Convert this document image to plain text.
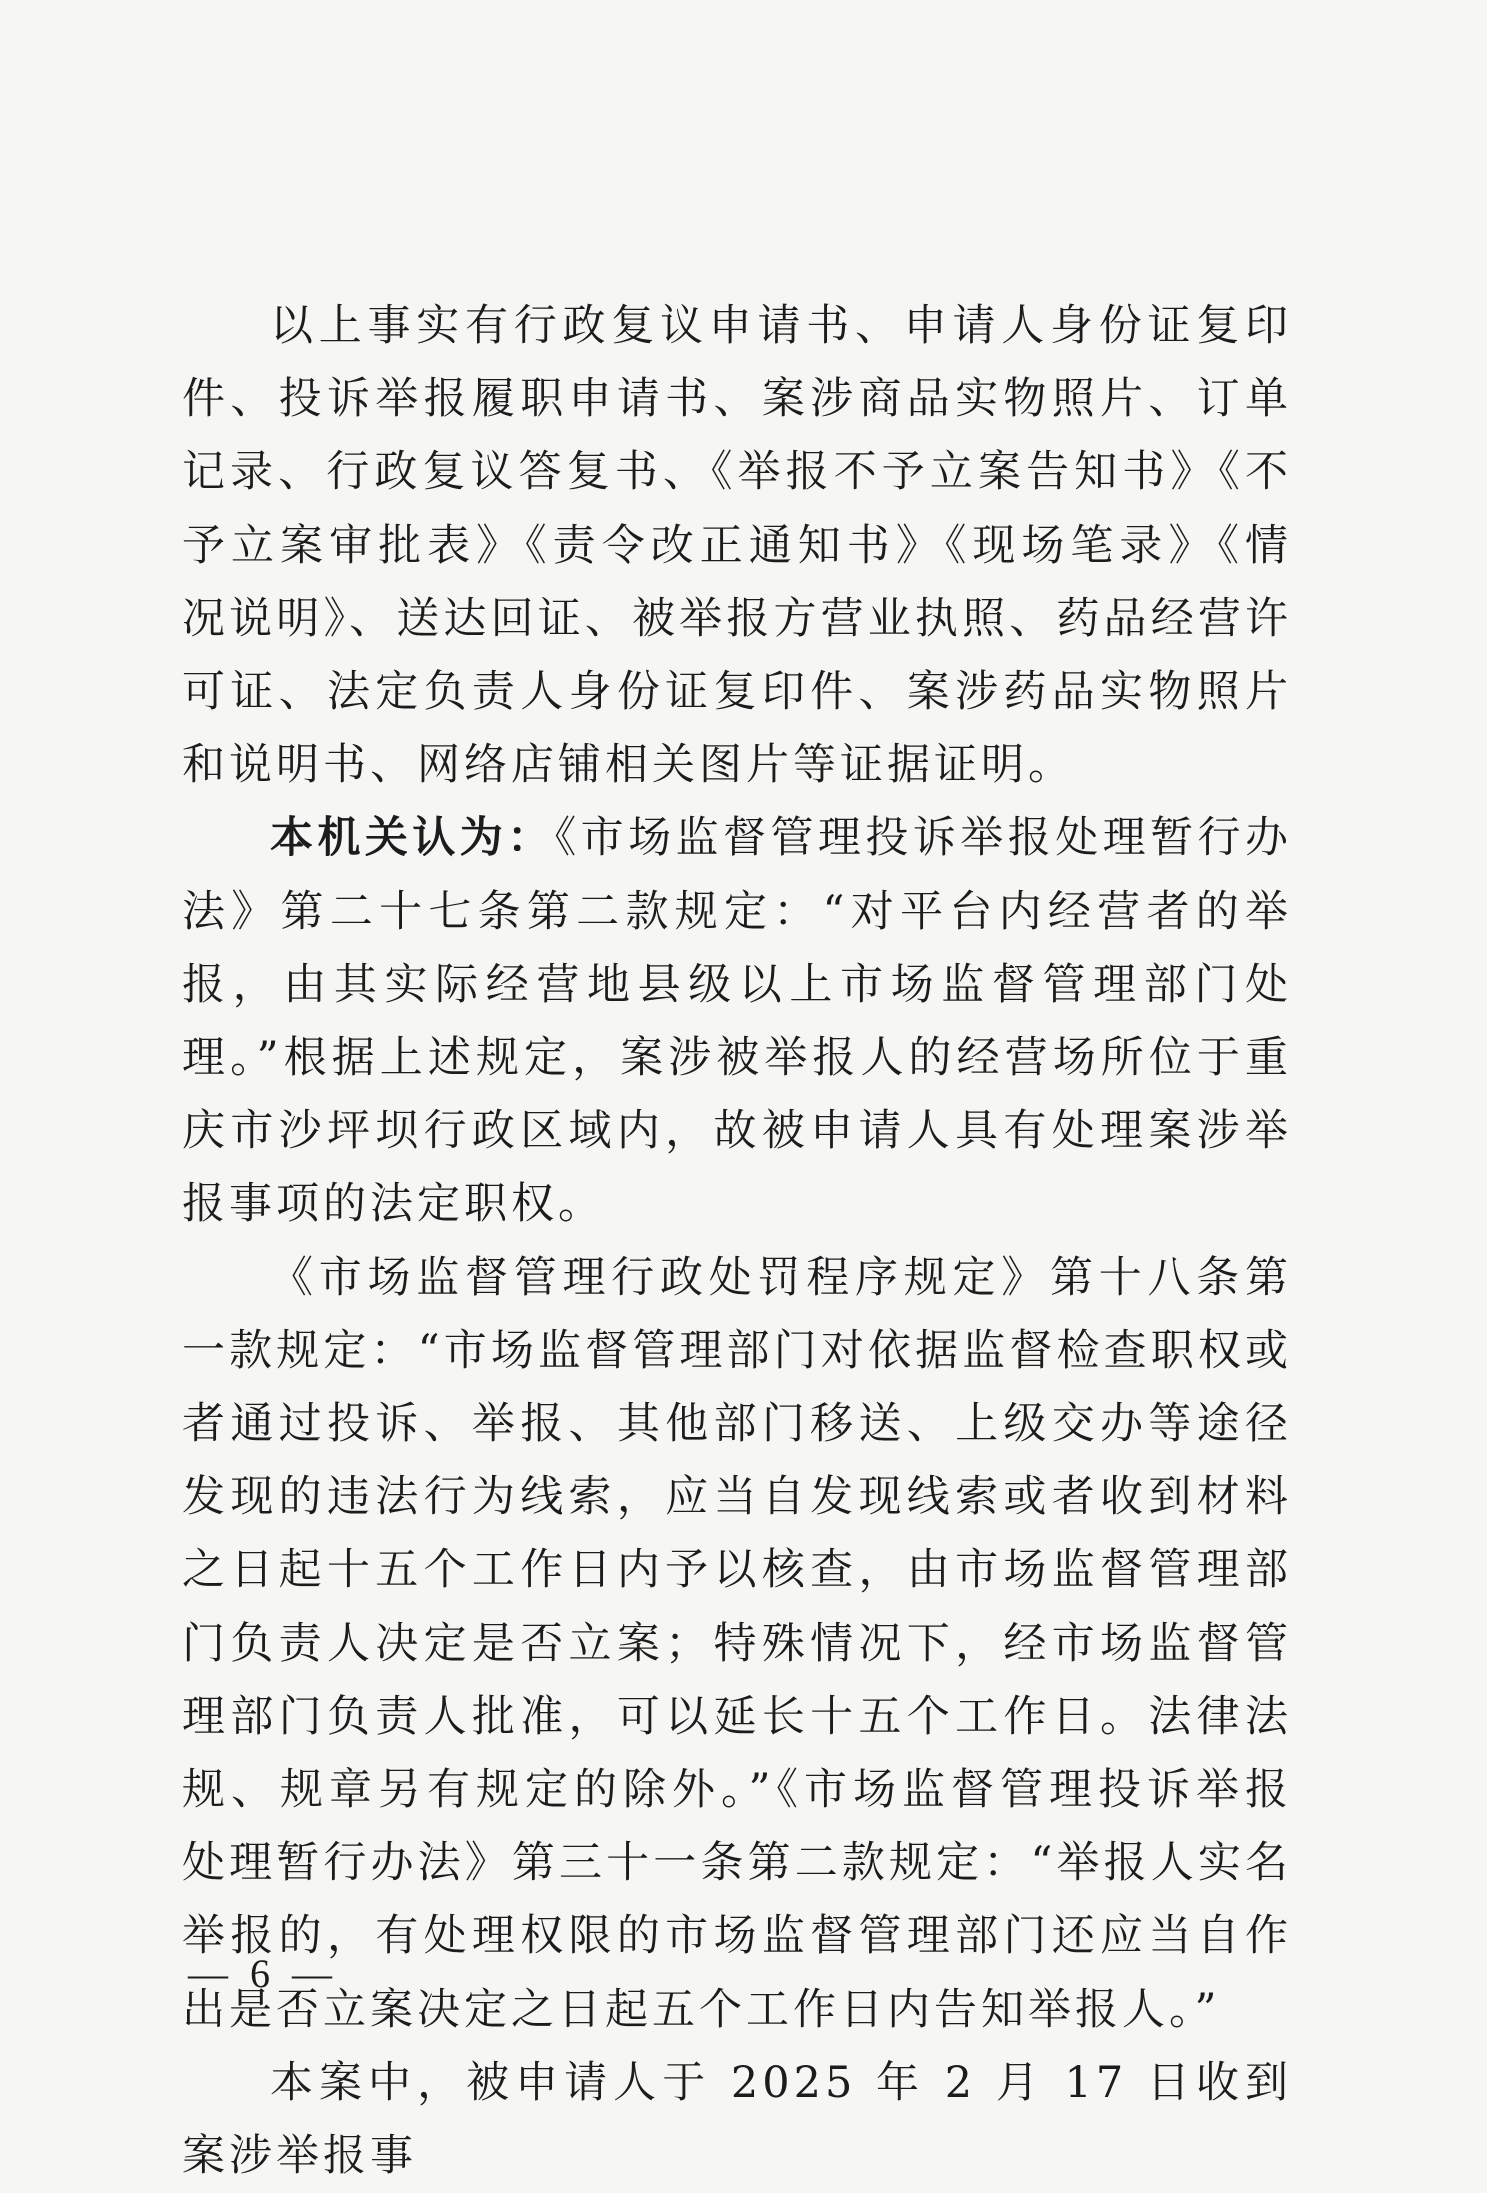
以上事实有行政复议申请书、申请人身份证复印件、投诉举报履职申请书、案涉商品实物照片、订单记录、行政复议答复书、《举报不予立案告知书》《不予立案审批表》《责令改正通知书》《现场笔录》《情况说明》、送达回证、被举报方营业执照、药品经营许可证、法定负责人身份证复印件、案涉药品实物照片和说明书、网络店铺相关图片等证据证明。

本机关认为：《市场监督管理投诉举报处理暂行办法》第二十七条第二款规定：“对平台内经营者的举报，由其实际经营地县级以上市场监督管理部门处理。”根据上述规定，案涉被举报人的经营场所位于重庆市沙坪坝行政区域内，故被申请人具有处理案涉举报事项的法定职权。

《市场监督管理行政处罚程序规定》第十八条第一款规定：“市场监督管理部门对依据监督检查职权或者通过投诉、举报、其他部门移送、上级交办等途径发现的违法行为线索，应当自发现线索或者收到材料之日起十五个工作日内予以核查，由市场监督管理部门负责人决定是否立案；特殊情况下，经市场监督管理部门负责人批准，可以延长十五个工作日。法律法规、规章另有规定的除外。”《市场监督管理投诉举报处理暂行办法》第三十一条第二款规定：“举报人实名举报的，有处理权限的市场监督管理部门还应当自作出是否立案决定之日起五个工作日内告知举报人。”

本案中，被申请人于 2025 年 2 月 17 日收到案涉举报事

— 6 —
